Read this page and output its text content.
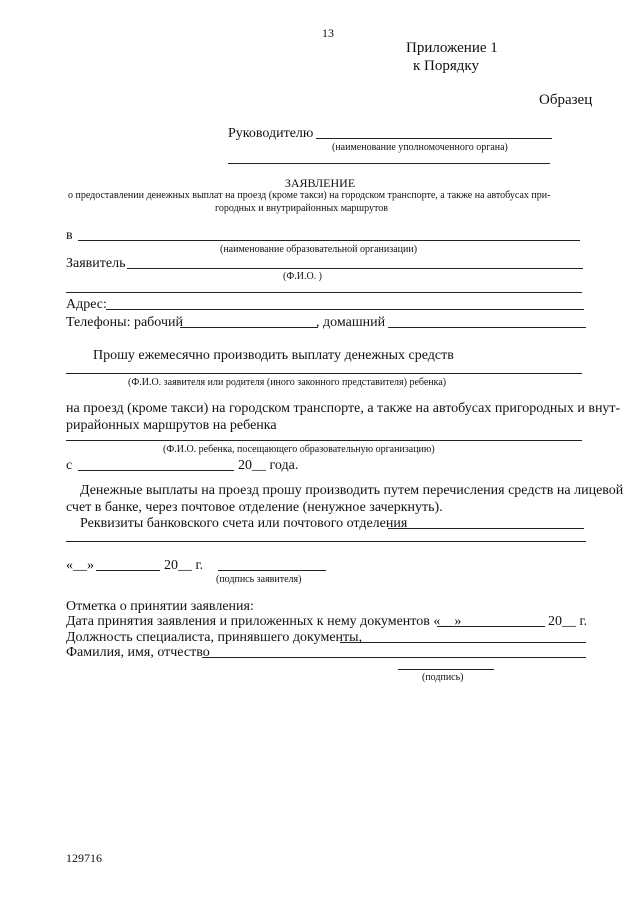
13
Приложение 1
к Порядку
Образец
Руководителю
(наименование уполномоченного органа)
ЗАЯВЛЕНИЕ
о предоставлении денежных выплат на проезд (кроме такси) на городском транспорте, а также на автобусах при-
городных и внутрирайонных маршрутов
в
(наименование образовательной организации)
Заявитель
(Ф.И.О. )
Адрес:
Телефоны: рабочий	, домашний
Прошу ежемесячно производить выплату денежных средств
(Ф.И.О. заявителя или родителя (иного законного представителя) ребенка)
на проезд (кроме такси) на городском транспорте, а также на автобусах пригородных и внут-
рирайонных маршрутов на ребенка
(Ф.И.О. ребенка, посещающего образовательную организацию)
с	20__ года.
Денежные выплаты на проезд прошу производить путем перечисления средств на лицевой
счет в банке, через почтовое отделение (ненужное зачеркнуть).
Реквизиты банковского счета или почтового отделения
«__»	20__ г.
(подпись заявителя)
Отметка о принятии заявления:
Дата принятия заявления и приложенных к нему документов «__»	20__ г.
Должность специалиста, принявшего документы,
Фамилия, имя, отчество
(подпись)
129716
